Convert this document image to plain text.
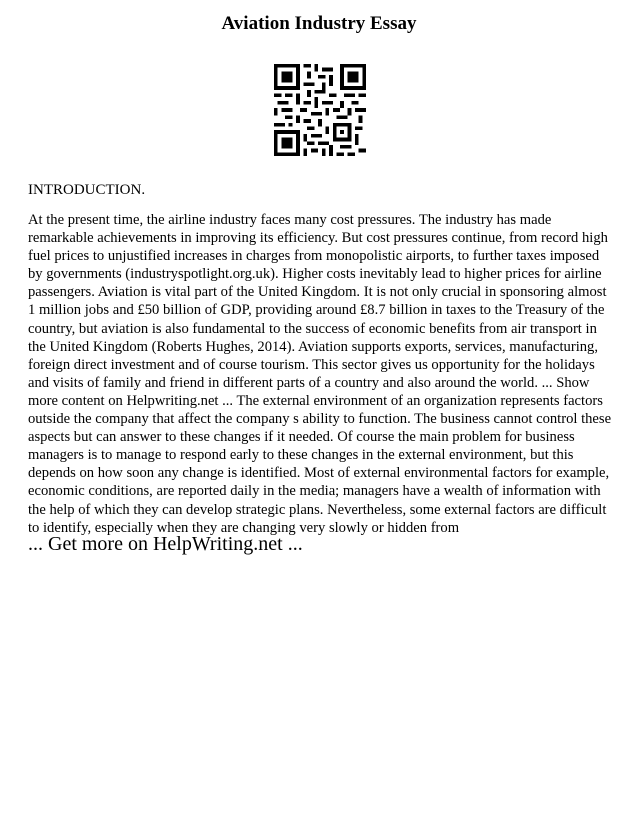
Aviation Industry Essay

INTRODUCTION.

At the present time, the airline industry faces many cost pressures. The industry has made remarkable achievements in improving its efficiency. But cost pressures continue, from record high fuel prices to unjustified increases in charges from monopolistic airports, to further taxes imposed by governments (industryspotlight.org.uk). Higher costs inevitably lead to higher prices for airline passengers. Aviation is vital part of the United Kingdom. It is not only crucial in sponsoring almost 1 million jobs and £50 billion of GDP, providing around £8.7 billion in taxes to the Treasury of the country, but aviation is also fundamental to the success of economic benefits from air transport in the United Kingdom (Roberts Hughes, 2014). Aviation supports exports, services, manufacturing, foreign direct investment and of course tourism. This sector gives us opportunity for the holidays and visits of family and friend in different parts of a country and also around the world. ... Show more content on Helpwriting.net ... The external environment of an organization represents factors outside the company that affect the company s ability to function. The business cannot control these aspects but can answer to these changes if it needed. Of course the main problem for business managers is to manage to respond early to these changes in the external environment, but this depends on how soon any change is identified. Most of external environmental factors for example, economic conditions, are reported daily in the media; managers have a wealth of information with the help of which they can develop strategic plans. Nevertheless, some external factors are difficult to identify, especially when they are changing very slowly or hidden from

... Get more on HelpWriting.net ...
